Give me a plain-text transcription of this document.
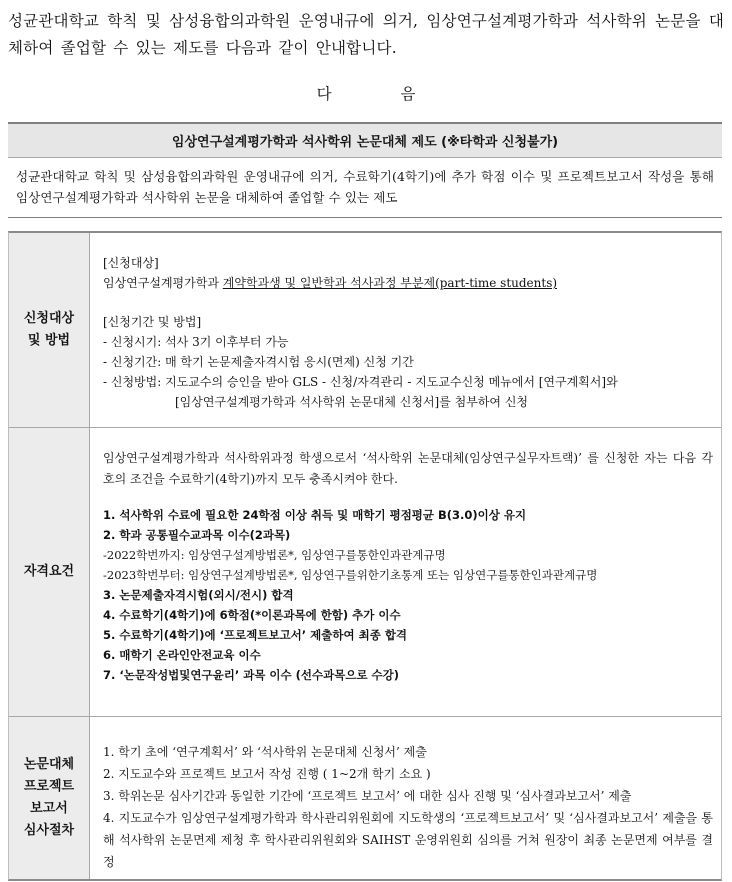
성균관대학교 학칙 및 삼성융합의과학원 운영내규에 의거, 임상연구설계평가학과 석사학위 논문을 대체하여 졸업할 수 있는 제도를 다음과 같이 안내합니다.
다 음
임상연구설계평가학과 석사학위 논문대체 제도 (※타학과 신청불가)
성균관대학교 학칙 및 삼성융합의과학원 운영내규에 의거, 수료학기(4학기)에 추가 학점 이수 및 프로젝트보고서 작성을 통해 임상연구설계평가학과 석사학위 논문을 대체하여 졸업할 수 있는 제도
신청대상
및 방법
[신청대상]
임상연구설계평가학과 계약학과생 및 일반학과 석사과정 부분제(part-time students)
[신청기간 및 방법]
- 신청시기: 석사 3기 이후부터 가능
- 신청기간: 매 학기 논문제출자격시험 응시(면제) 신청 기간
- 신청방법: 지도교수의 승인을 받아 GLS - 신청/자격관리 - 지도교수신청 메뉴에서 [연구계획서]와
[임상연구설계평가학과 석사학위 논문대체 신청서]를 첨부하여 신청
자격요건
임상연구설계평가학과 석사학위과정 학생으로서 ‘석사학위 논문대체(임상연구실무자트랙)’ 를 신청한 자는 다음 각 호의 조건을 수료학기(4학기)까지 모두 충족시켜야 한다.
1. 석사학위 수료에 필요한 24학점 이상 취득 및 매학기 평점평균 B(3.0)이상 유지
2. 학과 공통필수교과목 이수(2과목)
-2022학번까지: 임상연구설계방법론*, 임상연구를통한인과관계규명
-2023학번부터: 임상연구설계방법론*, 임상연구를위한기초통계 또는 임상연구를통한인과관계규명
3. 논문제출자격시험(외시/전시) 합격
4. 수료학기(4학기)에 6학점(*이론과목에 한함) 추가 이수
5. 수료학기(4학기)에 ‘프로젝트보고서’ 제출하여 최종 합격
6. 매학기 온라인안전교육 이수
7. ‘논문작성법및연구윤리’ 과목 이수 (선수과목으로 수강)
논문대체
프로젝트
보고서
심사절차
1. 학기 초에 ‘연구계획서’ 와 ‘석사학위 논문대체 신청서’ 제출
2. 지도교수와 프로젝트 보고서 작성 진행 ( 1~2개 학기 소요 )
3. 학위논문 심사기간과 동일한 기간에 ‘프로젝트 보고서’ 에 대한 심사 진행 및 ‘심사결과보고서’ 제출
4. 지도교수가 임상연구설계평가학과 학사관리위원회에 지도학생의 ‘프로젝트보고서’ 및 ‘심사결과보고서’ 제출을 통해 석사학위 논문면제 제청 후 학사관리위원회와 SAIHST 운영위원회 심의를 거쳐 원장이 최종 논문면제 여부를 결정
